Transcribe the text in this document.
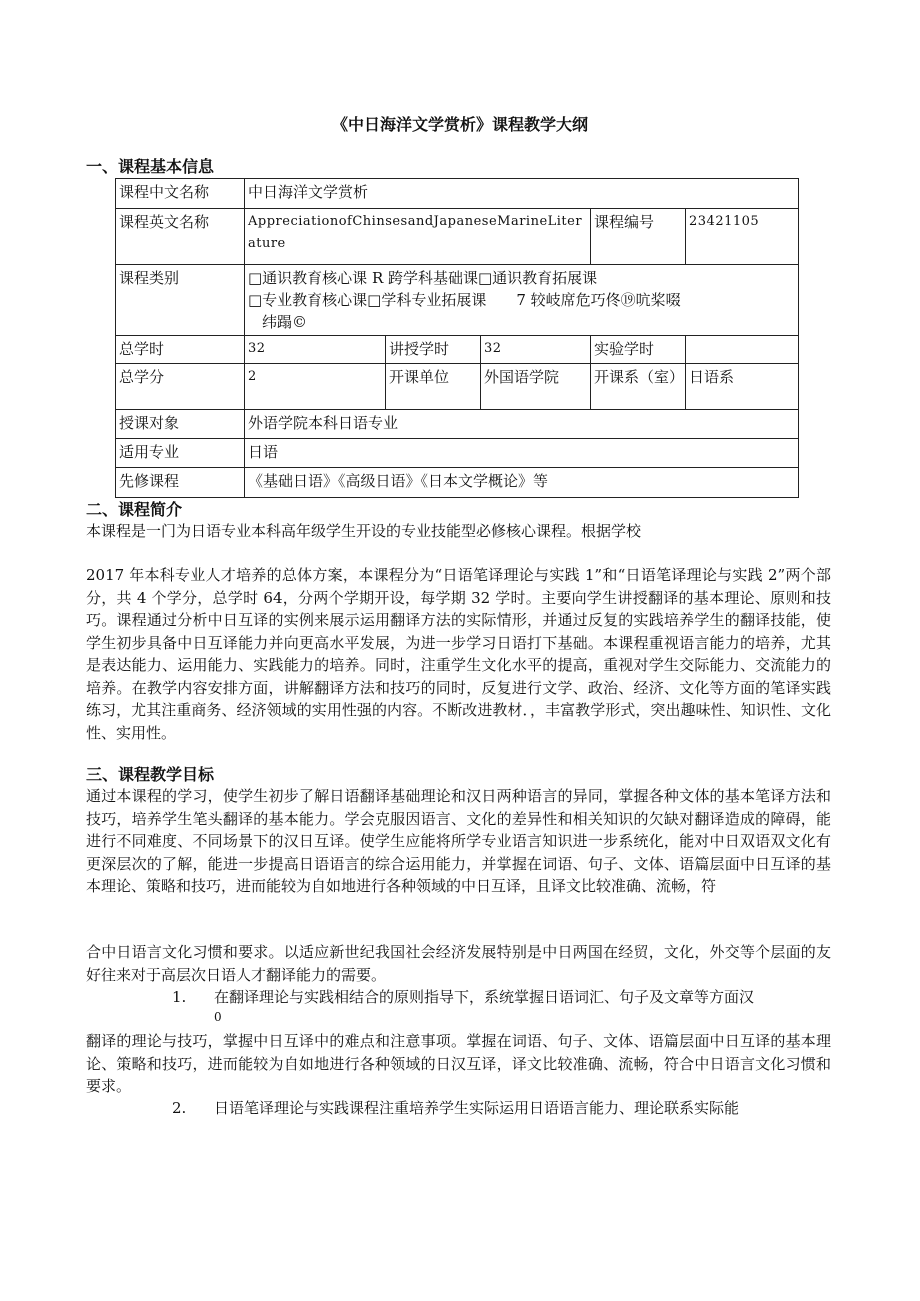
《中日海洋文学赏析》课程教学大纲
一、课程基本信息
课程中文名称	中日海洋文学赏析				
课程英文名称	AppreciationofChinsesandJapaneseMarineLiterature			课程编号	23421105
课程类别	□通识教育核心课 R 跨学科基础课□通识教育拓展课
□专业教育核心课□学科专业拓展课　　7 较岐席危巧佟⑲吭桨啜
纬蹋©				

总学时	32	讲授学时	32	实验学时	
总学分	2	开课单位	外国语学院	开课系（室）	日语系
授课对象	外语学院本科日语专业				
适用专业	日语				
先修课程	《基础日语》《高级日语》《日本文学概论》等				
二、课程简介
本课程是一门为日语专业本科高年级学生开设的专业技能型必修核心课程。根据学校
2017 年本科专业人才培养的总体方案，本课程分为“日语笔译理论与实践 1”和“日语笔译理论与实践 2”两个部分，共 4 个学分，总学时 64，分两个学期开设，每学期 32 学时。主要向学生讲授翻译的基本理论、原则和技巧。课程通过分析中日互译的实例来展示运用翻译方法的实际情形，并通过反复的实践培养学生的翻译技能，使学生初步具备中日互译能力并向更高水平发展，为进一步学习日语打下基础。本课程重视语言能力的培养，尤其是表达能力、运用能力、实践能力的培养。同时，注重学生文化水平的提高，重视对学生交际能力、交流能力的培养。在教学内容安排方面，讲解翻译方法和技巧的同时，反复进行文学、政治、经济、文化等方面的笔译实践练习，尤其注重商务、经济领域的实用性强的内容。不断改进教材．，丰富教学形式，突出趣味性、知识性、文化性、实用性。
三、课程教学目标
通过本课程的学习，使学生初步了解日语翻译基础理论和汉日两种语言的异同，掌握各种文体的基本笔译方法和技巧，培养学生笔头翻译的基本能力。学会克服因语言、文化的差异性和相关知识的欠缺对翻译造成的障碍，能进行不同难度、不同场景下的汉日互译。使学生应能将所学专业语言知识进一步系统化，能对中日双语双文化有更深层次的了解，能进一步提高日语语言的综合运用能力，并掌握在词语、句子、文体、语篇层面中日互译的基本理论、策略和技巧，进而能较为自如地进行各种领域的中日互译，且译文比较准确、流畅，符
合中日语言文化习惯和要求。以适应新世纪我国社会经济发展特别是中日两国在经贸，文化，外交等个层面的友好往来对于高层次日语人才翻译能力的需要。
1. 在翻译理论与实践相结合的原则指导下，系统掌握日语词汇、句子及文章等方面汉
0
翻译的理论与技巧，掌握中日互译中的难点和注意事项。掌握在词语、句子、文体、语篇层面中日互译的基本理论、策略和技巧，进而能较为自如地进行各种领域的日汉互译，译文比较准确、流畅，符合中日语言文化习惯和要求。
2. 日语笔译理论与实践课程注重培养学生实际运用日语语言能力、理论联系实际能
